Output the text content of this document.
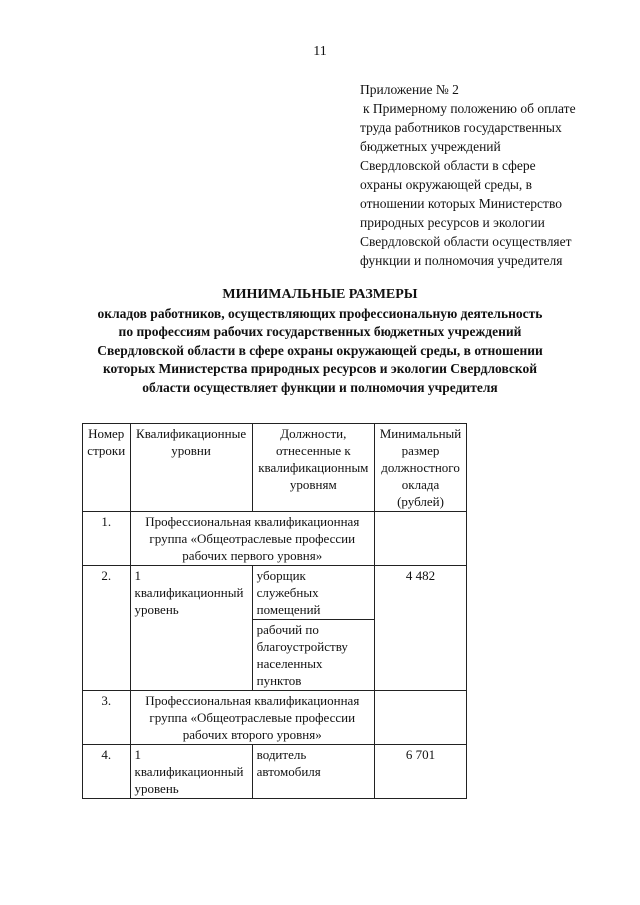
11
Приложение № 2
к Примерному положению об оплате
труда работников государственных
бюджетных учреждений
Свердловской области в сфере
охраны окружающей среды, в
отношении которых Министерство
природных ресурсов и экологии
Свердловской области осуществляет
функции и полномочия учредителя
МИНИМАЛЬНЫЕ РАЗМЕРЫ
окладов работников, осуществляющих профессиональную деятельность
по профессиям рабочих государственных бюджетных учреждений
Свердловской области в сфере охраны окружающей среды, в отношении
которых Министерства природных ресурсов и экологии Свердловской
области осуществляет функции и полномочия учредителя
Номер строки	Квалификационные уровни	Должности, отнесенные к квалификационным уровням	Минимальный размер должностного оклада (рублей)
1.	Профессиональная квалификационная группа «Общеотраслевые профессии рабочих первого уровня»		
2.	1 квалификационный уровень	уборщик служебных помещений	4 482
		рабочий по благоустройству населенных пунктов	
3.	Профессиональная квалификационная группа «Общеотраслевые профессии рабочих второго уровня»		
4.	1 квалификационный уровень	водитель автомобиля	6 701
